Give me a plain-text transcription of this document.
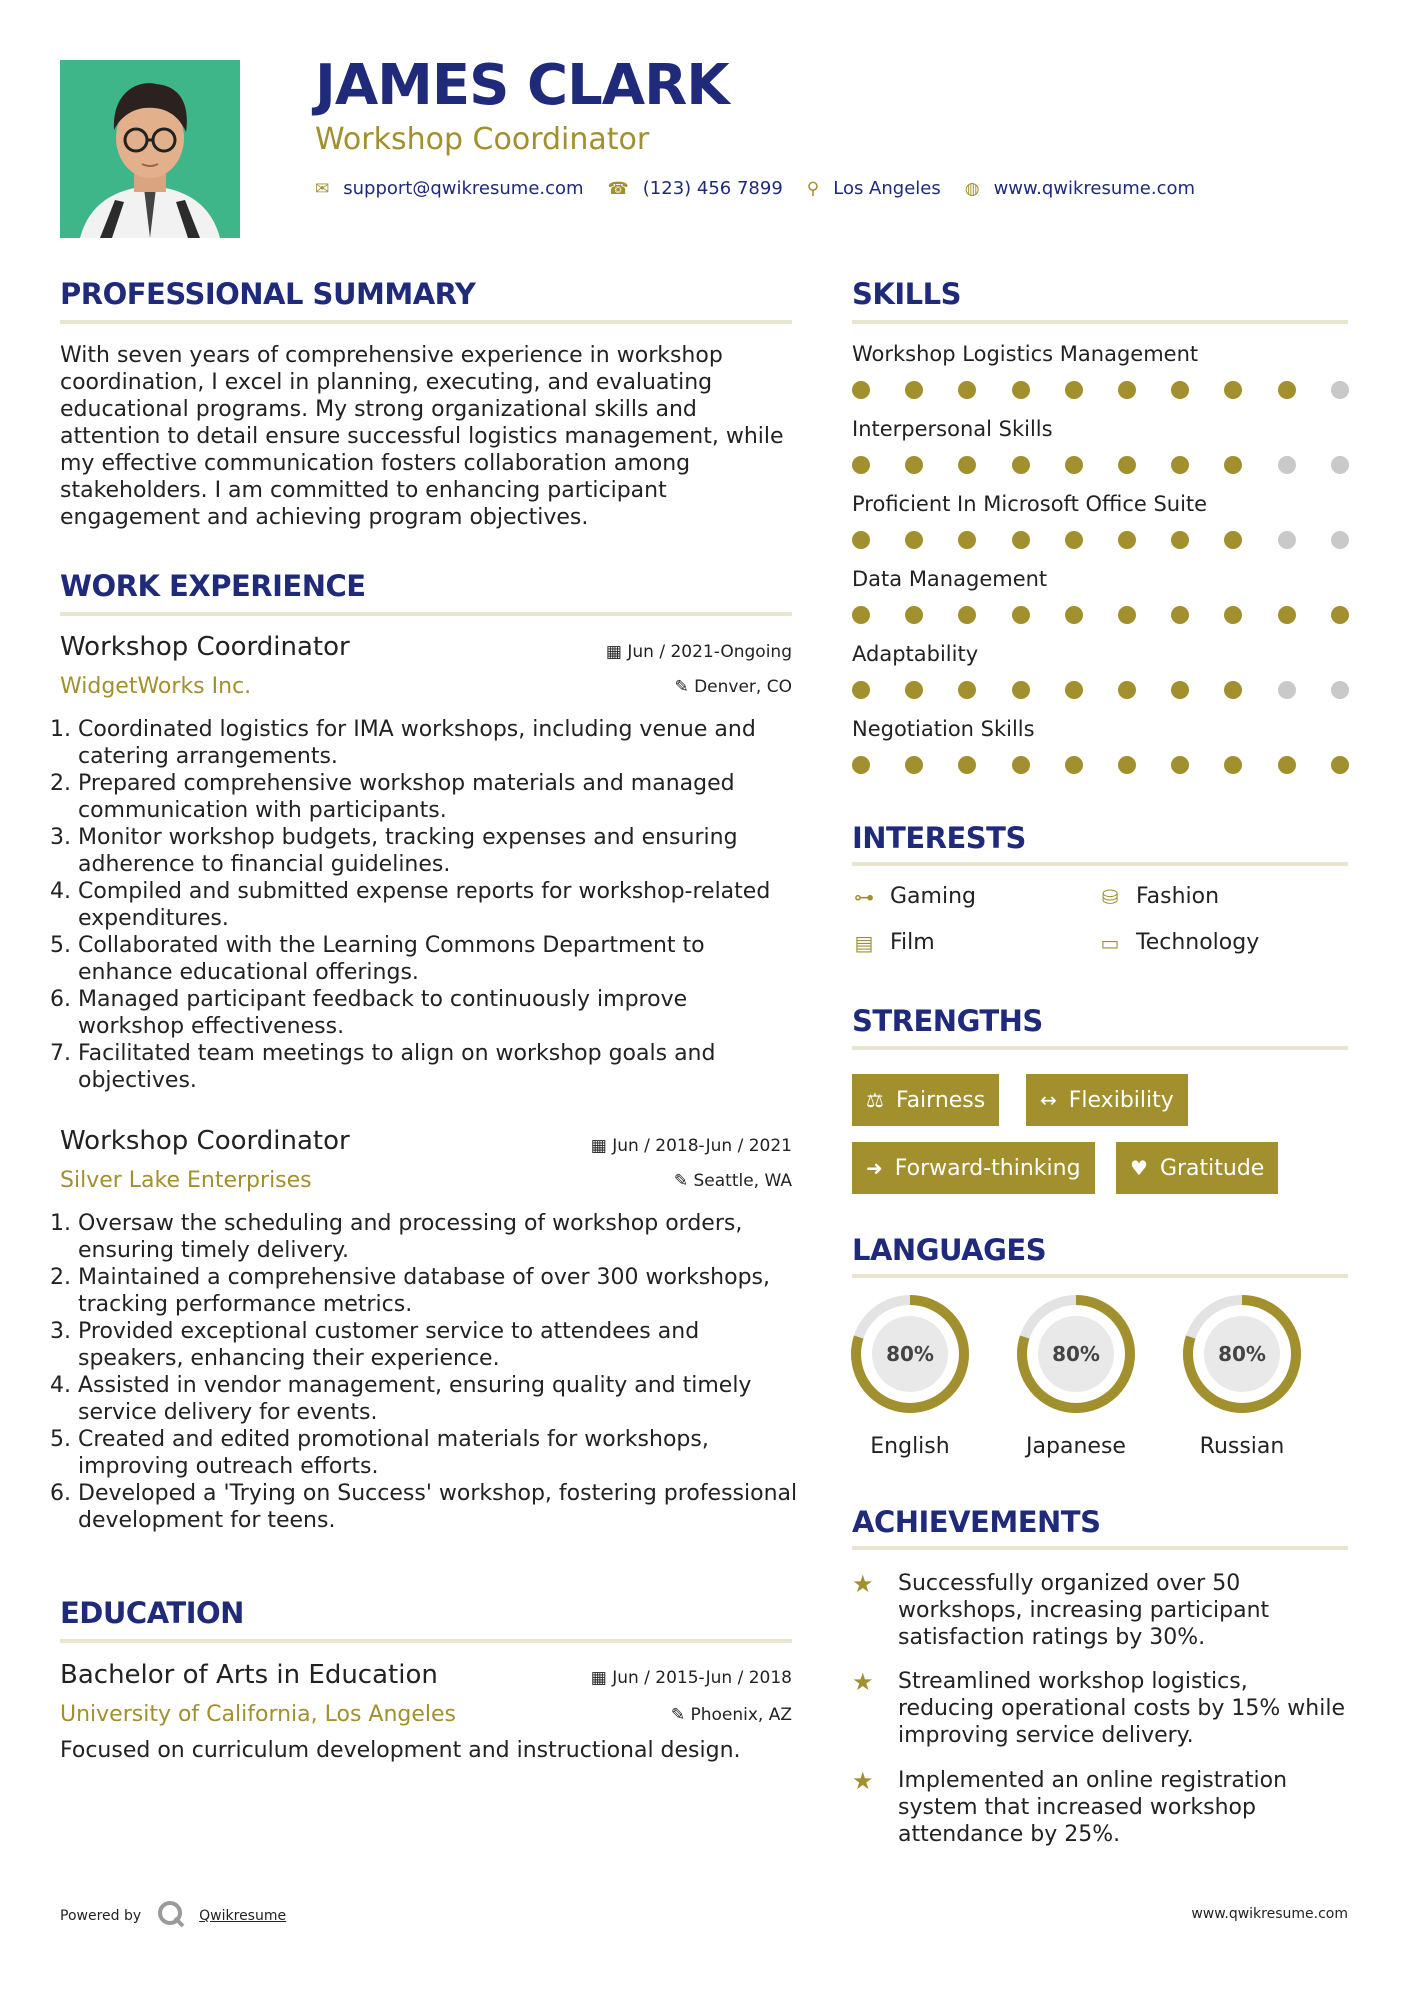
JAMES CLARK
Workshop Coordinator
✉ support@qwikresume.com ☎ (123) 456 7899 ⚲ Los Angeles ◍ www.qwikresume.com
PROFESSIONAL SUMMARY
With seven years of comprehensive experience in workshop coordination, I excel in planning, executing, and evaluating educational programs. My strong organizational skills and attention to detail ensure successful logistics management, while my effective communication fosters collaboration among stakeholders. I am committed to enhancing participant engagement and achieving program objectives.
WORK EXPERIENCE
Workshop Coordinator	▦ Jun / 2021-Ongoing
WidgetWorks Inc.	✎ Denver, CO
1. Coordinated logistics for IMA workshops, including venue and catering arrangements.
2. Prepared comprehensive workshop materials and managed communication with participants.
3. Monitor workshop budgets, tracking expenses and ensuring adherence to financial guidelines.
4. Compiled and submitted expense reports for workshop-related expenditures.
5. Collaborated with the Learning Commons Department to enhance educational offerings.
6. Managed participant feedback to continuously improve workshop effectiveness.
7. Facilitated team meetings to align on workshop goals and objectives.
Workshop Coordinator	▦ Jun / 2018-Jun / 2021
Silver Lake Enterprises	✎ Seattle, WA
1. Oversaw the scheduling and processing of workshop orders, ensuring timely delivery.
2. Maintained a comprehensive database of over 300 workshops, tracking performance metrics.
3. Provided exceptional customer service to attendees and speakers, enhancing their experience.
4. Assisted in vendor management, ensuring quality and timely service delivery for events.
5. Created and edited promotional materials for workshops, improving outreach efforts.
6. Developed a 'Trying on Success' workshop, fostering professional development for teens.
EDUCATION
Bachelor of Arts in Education	▦ Jun / 2015-Jun / 2018
University of California, Los Angeles	✎ Phoenix, AZ
Focused on curriculum development and instructional design.
SKILLS
Workshop Logistics Management
Interpersonal Skills
Proficient In Microsoft Office Suite
Data Management
Adaptability
Negotiation Skills
INTERESTS
⊶ Gaming	⛁ Fashion
▤ Film	▭ Technology
STRENGTHS
⚖ Fairness	↔ Flexibility
➜ Forward-thinking ♥ Gratitude
LANGUAGES
80%
English
80%
Japanese
80%
Russian
ACHIEVEMENTS
★	Successfully organized over 50 workshops, increasing participant satisfaction ratings by 30%.
★	Streamlined workshop logistics, reducing operational costs by 15% while improving service delivery.
★	Implemented an online registration system that increased workshop attendance by 25%.
Powered by	Qwikresume	www.qwikresume.com
